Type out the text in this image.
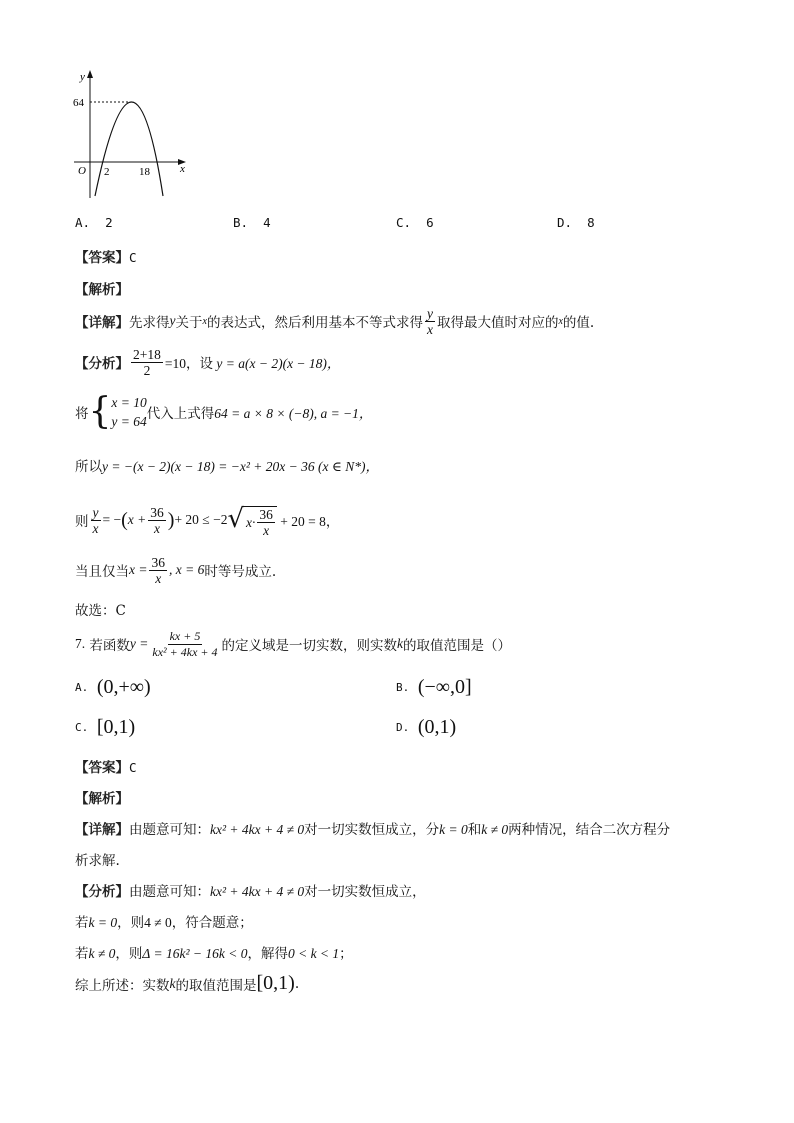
y
x
O
64
2	18
A. 2	B. 4	C. 6	D. 8
【答案】C
【解析】
【详解】 先求得 y 关于 x 的表达式，然后利用基本不等式求得 $\frac{y}{x}$ 取得最大值时对应的 x 的值.
【分析】 $\frac{2+18}{2} =10$，设
y = a(x − 2)(x − 18)，
将 { x = 10
y = 64 代入上式得 64 = a × 8 × (−8), a = −1，
所以 y = −(x − 2)(x − 18) = −x² + 20x − 36 (x ∈ N*)，
则 $\frac{y}{x}$ = − ( $x + \frac{36}{x}$ ) + 20 ≤ −2 √ $x\cdot \frac{36}{x}$
+ 20 = 8，
当且仅当 $x = \frac{36}{x}$ , x = 6 时等号成立.
故选：C
7.
若函数 $y = \frac{kx + 5}{\text{kx² + 4kx + 4}}$ 的定义域是一切实数，则实数 k 的取值范围是（）
A.
(0,+∞)	B.
(−∞,0]
C.
[0,1)	D.
(0,1)
【答案】C
【解析】
【详解】由题意可知：kx² + 4kx + 4 ≠ 0对一切实数恒成立，分k = 0和k ≠ 0两种情况，结合二次方程分
析求解.
【分析】由题意可知：kx² + 4kx + 4 ≠ 0对一切实数恒成立，
若k = 0，则4 ≠ 0，符合题意；
若k ≠ 0，则Δ = 16k² − 16k < 0，解得0 < k < 1；
综上所述：实数 k 的取值范围是 [0,1) .
